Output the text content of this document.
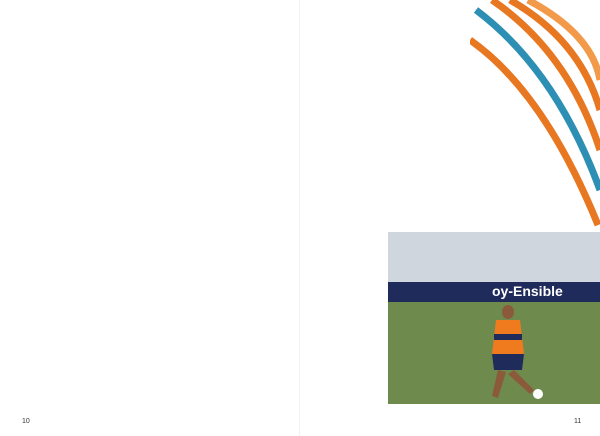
oy-Ensible
10	11
